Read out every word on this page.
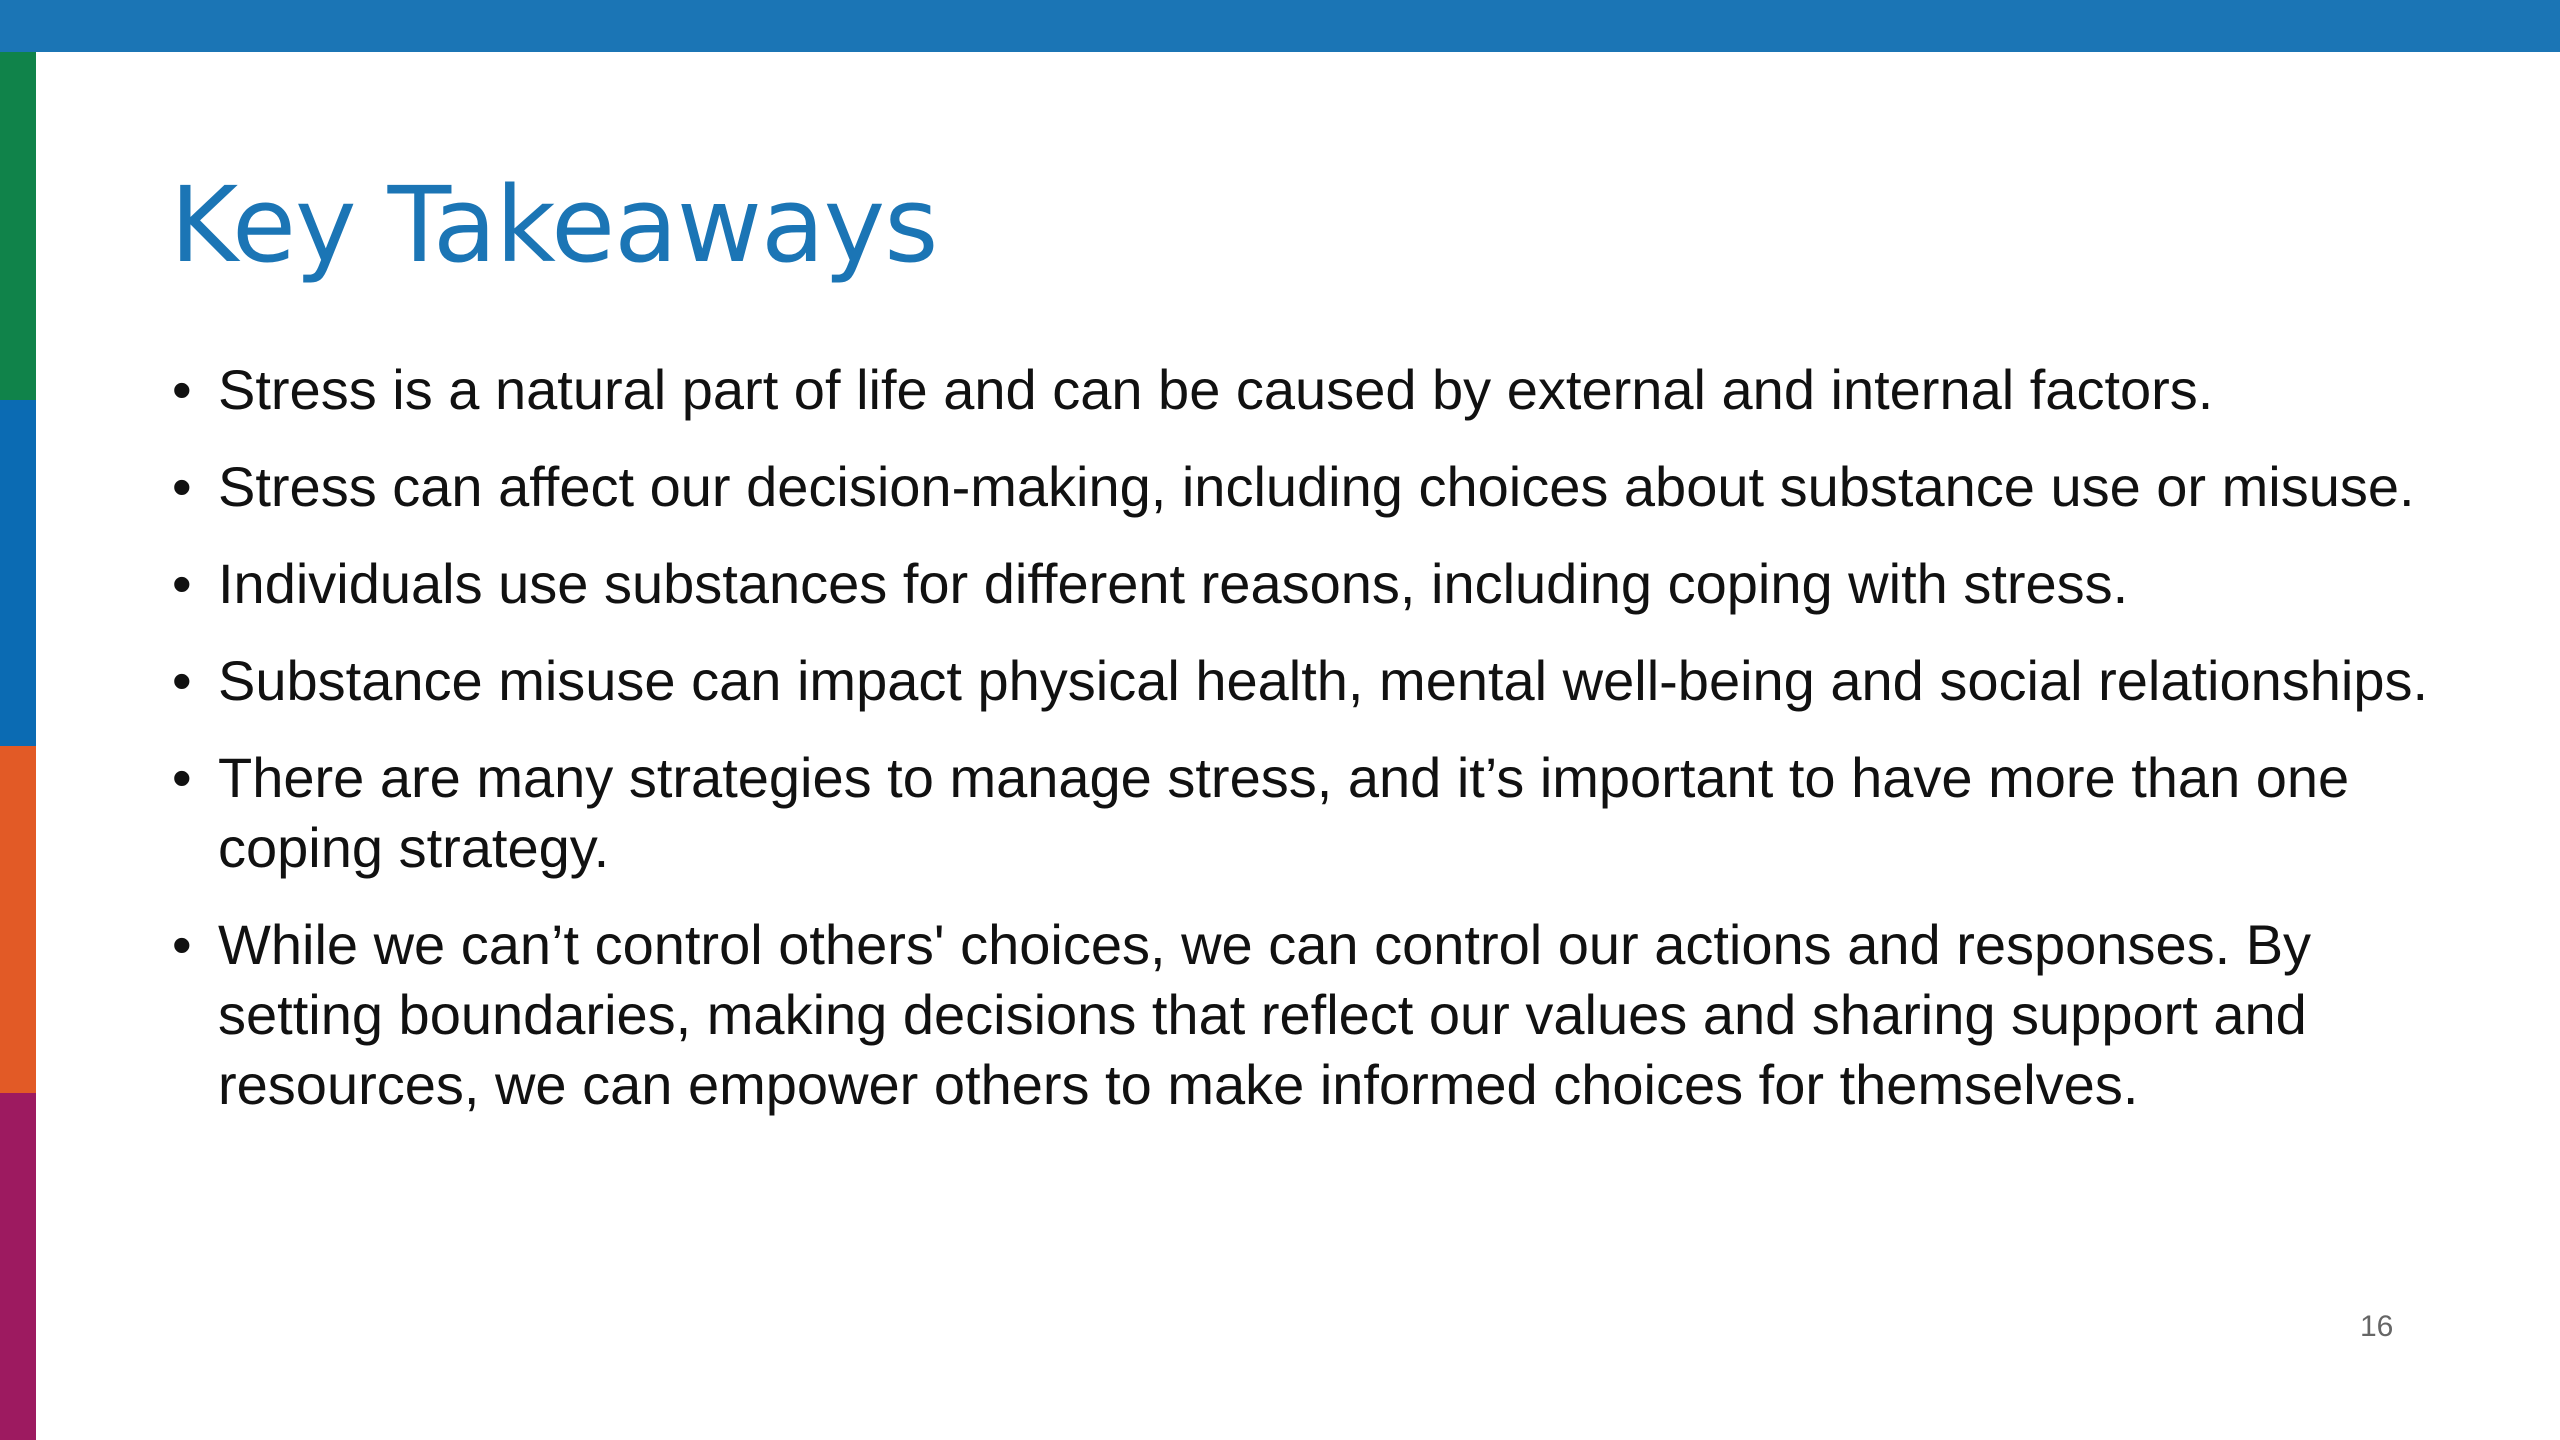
Key Takeaways
• Stress is a natural part of life and can be caused by external and internal factors.
• Stress can affect our decision-making, including choices about substance use or misuse.
• Individuals use substances for different reasons, including coping with stress.
• Substance misuse can impact physical health, mental well-being and social relationships.
• There are many strategies to manage stress, and it’s important to have more than one coping strategy.
• While we can’t control others' choices, we can control our actions and responses. By setting boundaries, making decisions that reflect our values and sharing support and resources, we can empower others to make informed choices for themselves.
16
